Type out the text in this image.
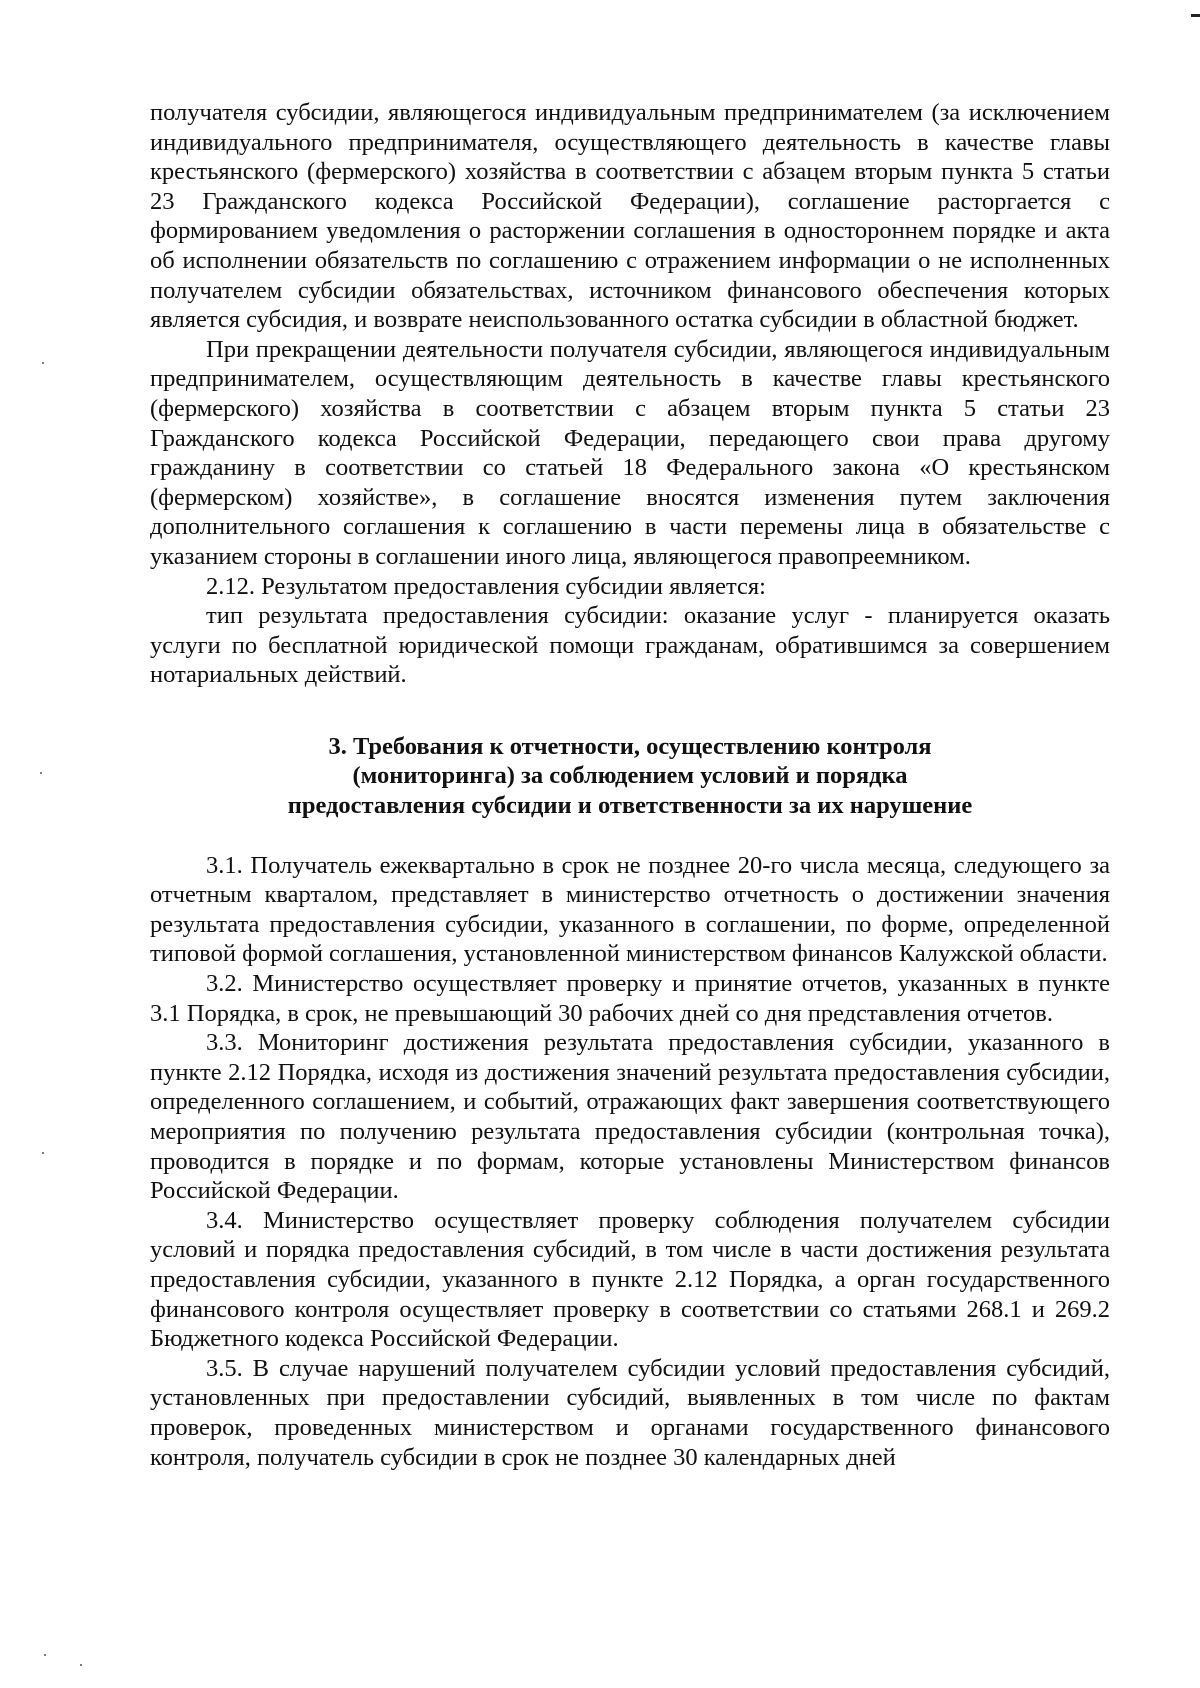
получателя субсидии, являющегося индивидуальным предпринимателем (за исключением индивидуального предпринимателя, осуществляющего деятельность в качестве главы крестьянского (фермерского) хозяйства в соответствии с абзацем вторым пункта 5 статьи 23 Гражданского кодекса Российской Федерации), соглашение расторгается с формированием уведомления о расторжении соглашения в одностороннем порядке и акта об исполнении обязательств по соглашению с отражением информации о не исполненных получателем субсидии обязательствах, источником финансового обеспечения которых является субсидия, и возврате неиспользованного остатка субсидии в областной бюджет.

При прекращении деятельности получателя субсидии, являющегося индивидуальным предпринимателем, осуществляющим деятельность в качестве главы крестьянского (фермерского) хозяйства в соответствии с абзацем вторым пункта 5 статьи 23 Гражданского кодекса Российской Федерации, передающего свои права другому гражданину в соответствии со статьей 18 Федерального закона «О крестьянском (фермерском) хозяйстве», в соглашение вносятся изменения путем заключения дополнительного соглашения к соглашению в части перемены лица в обязательстве с указанием стороны в соглашении иного лица, являющегося правопреемником.

2.12. Результатом предоставления субсидии является:

тип результата предоставления субсидии: оказание услуг - планируется оказать услуги по бесплатной юридической помощи гражданам, обратившимся за совершением нотариальных действий.

3. Требования к отчетности, осуществлению контроля
(мониторинга) за соблюдением условий и порядка
предоставления субсидии и ответственности за их нарушение

3.1. Получатель ежеквартально в срок не позднее 20-го числа месяца, следующего за отчетным кварталом, представляет в министерство отчетность о достижении значения результата предоставления субсидии, указанного в соглашении, по форме, определенной типовой формой соглашения, установленной министерством финансов Калужской области.

3.2. Министерство осуществляет проверку и принятие отчетов, указанных в пункте 3.1 Порядка, в срок, не превышающий 30 рабочих дней со дня представления отчетов.

3.3. Мониторинг достижения результата предоставления субсидии, указанного в пункте 2.12 Порядка, исходя из достижения значений результата предоставления субсидии, определенного соглашением, и событий, отражающих факт завершения соответствующего мероприятия по получению результата предоставления субсидии (контрольная точка), проводится в порядке и по формам, которые установлены Министерством финансов Российской Федерации.

3.4. Министерство осуществляет проверку соблюдения получателем субсидии условий и порядка предоставления субсидий, в том числе в части достижения результата предоставления субсидии, указанного в пункте 2.12 Порядка, а орган государственного финансового контроля осуществляет проверку в соответствии со статьями 268.1 и 269.2 Бюджетного кодекса Российской Федерации.

3.5. В случае нарушений получателем субсидии условий предоставления субсидий, установленных при предоставлении субсидий, выявленных в том числе по фактам проверок, проведенных министерством и органами государственного финансового контроля, получатель субсидии в срок не позднее 30 календарных дней
